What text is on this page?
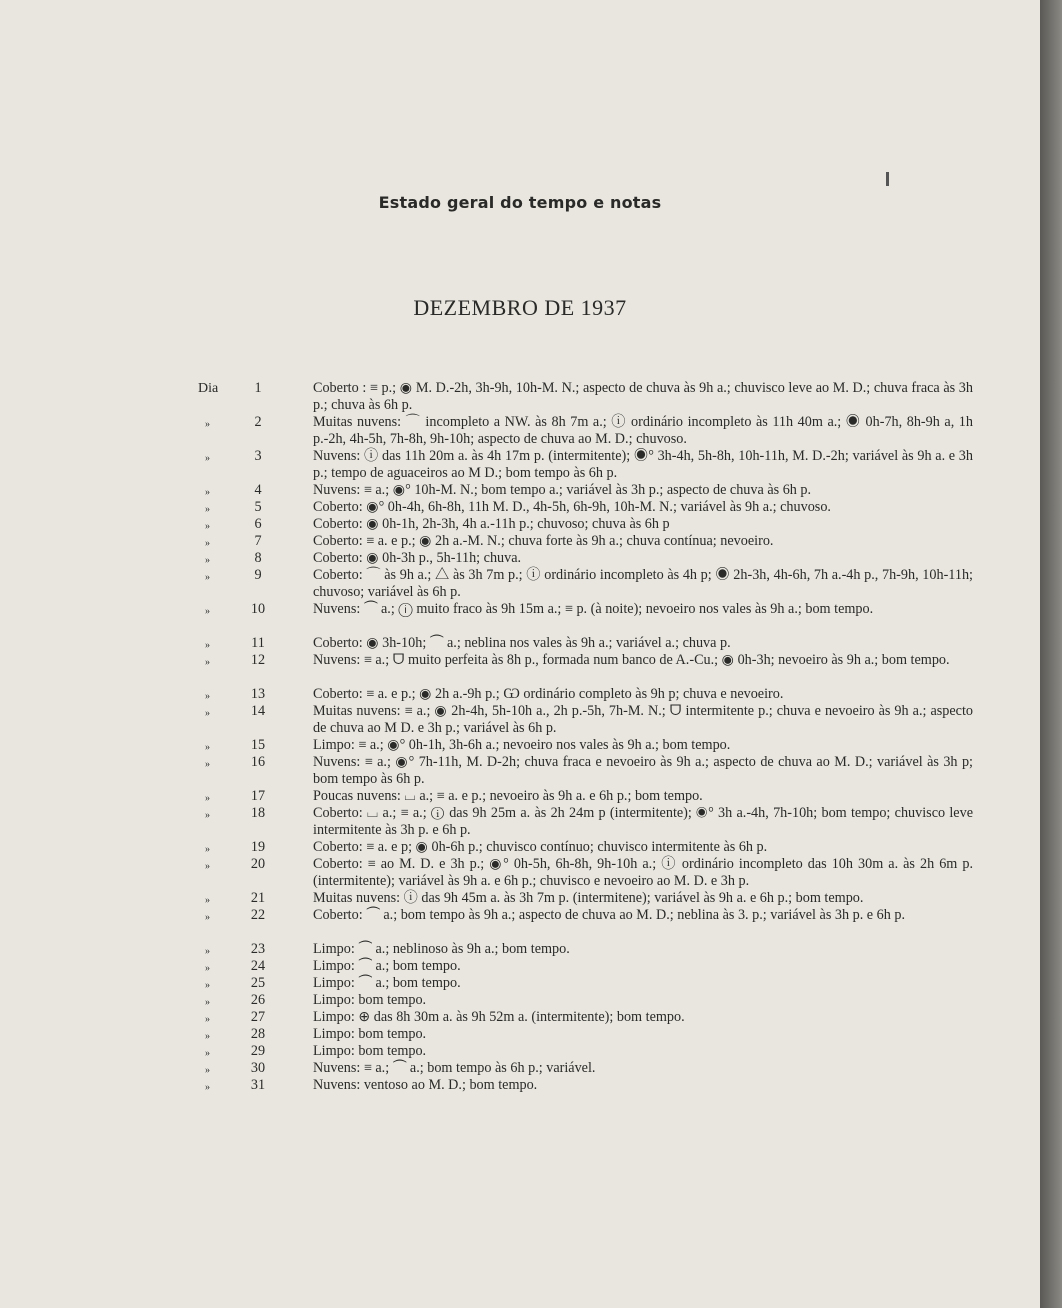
Estado geral do tempo e notas
DEZEMBRO DE 1937
Dia	1	Coberto : ≡ p.; ◉ M. D.-2h, 3h-9h, 10h-M. N.; aspecto de chuva às 9h a.; chuvisco leve ao M. D.; chuva fraca às 3h p.; chuva às 6h p.
»	2	Muitas nuvens: ⌒ incompleto a NW. às 8h 7m a.; ⓘ ordinário incompleto às 11h 40m a.; ◉ 0h-7h, 8h-9h a, 1h p.-2h, 4h-5h, 7h-8h, 9h-10h; aspecto de chuva ao M. D.; chuvoso.
»	3	Nuvens: ⓘ das 11h 20m a. às 4h 17m p. (intermitente); ◉° 3h-4h, 5h-8h, 10h-11h, M. D.-2h; variável às 9h a. e 3h p.; tempo de aguaceiros ao M D.; bom tempo às 6h p.
»	4	Nuvens: ≡ a.; ◉° 10h-M. N.; bom tempo a.; variável às 3h p.; aspecto de chuva às 6h p.
»	5	Coberto: ◉° 0h-4h, 6h-8h, 11h M. D., 4h-5h, 6h-9h, 10h-M. N.; variável às 9h a.; chuvoso.
»	6	Coberto: ◉ 0h-1h, 2h-3h, 4h a.-11h p.; chuvoso; chuva às 6h p
»	7	Coberto: ≡ a. e p.; ◉ 2h a.-M. N.; chuva forte às 9h a.; chuva contínua; nevoeiro.
»	8	Coberto: ◉ 0h-3h p., 5h-11h; chuva.
»	9	Coberto: ⌒ às 9h a.; △ às 3h 7m p.; ⓘ ordinário incompleto às 4h p; ◉ 2h-3h, 4h-6h, 7h a.-4h p., 7h-9h, 10h-11h; chuvoso; variável às 6h p.
»	10	Nuvens: ⏜ a.; ⓘ muito fraco às 9h 15m a.; ≡ p. (à noite); nevoeiro nos vales às 9h a.; bom tempo.
»	11	Coberto: ◉ 3h-10h; ⏜ a.; neblina nos vales às 9h a.; variável a.; chuva p.
»	12	Nuvens: ≡ a.; ᗜ muito perfeita às 8h p., formada num banco de A.-Cu.; ◉ 0h-3h; nevoeiro às 9h a.; bom tempo.
»	13	Coberto: ≡ a. e p.; ◉ 2h a.-9h p.; Ѡ ordinário completo às 9h p; chuva e nevoeiro.
»	14	Muitas nuvens: ≡ a.; ◉ 2h-4h, 5h-10h a., 2h p.-5h, 7h-M. N.; ᗜ intermitente p.; chuva e nevoeiro às 9h a.; aspecto de chuva ao M D. e 3h p.; variável às 6h p.
»	15	Limpo: ≡ a.; ◉° 0h-1h, 3h-6h a.; nevoeiro nos vales às 9h a.; bom tempo.
»	16	Nuvens: ≡ a.; ◉° 7h-11h, M. D-2h; chuva fraca e nevoeiro às 9h a.; aspecto de chuva ao M. D.; variável às 3h p; bom tempo às 6h p.
»	17	Poucas nuvens: ⌴ a.; ≡ a. e p.; nevoeiro às 9h a. e 6h p.; bom tempo.
»	18	Coberto: ⌴ a.; ≡ a.; ⓘ das 9h 25m a. às 2h 24m p (intermitente); ◉° 3h a.-4h, 7h-10h; bom tempo; chuvisco leve intermitente às 3h p. e 6h p.
»	19	Coberto: ≡ a. e p; ◉ 0h-6h p.; chuvisco contínuo; chuvisco intermitente às 6h p.
»	20	Coberto: ≡ ao M. D. e 3h p.; ◉° 0h-5h, 6h-8h, 9h-10h a.; ⓘ ordinário incompleto das 10h 30m a. às 2h 6m p. (intermitente); variável às 9h a. e 6h p.; chuvisco e nevoeiro ao M. D. e 3h p.
»	21	Muitas nuvens: ⓘ das 9h 45m a. às 3h 7m p. (intermitene); variável às 9h a. e 6h p.; bom tempo.
»	22	Coberto: ⏜ a.; bom tempo às 9h a.; aspecto de chuva ao M. D.; neblina às 3. p.; variável às 3h p. e 6h p.
»	23	Limpo: ⏜ a.; neblinoso às 9h a.; bom tempo.
»	24	Limpo: ⏜ a.; bom tempo.
»	25	Limpo: ⏜ a.; bom tempo.
»	26	Limpo: bom tempo.
»	27	Limpo: ⊕ das 8h 30m a. às 9h 52m a. (intermitente); bom tempo.
»	28	Limpo: bom tempo.
»	29	Limpo: bom tempo.
»	30	Nuvens: ≡ a.; ⏜ a.; bom tempo às 6h p.; variável.
»	31	Nuvens: ventoso ao M. D.; bom tempo.
